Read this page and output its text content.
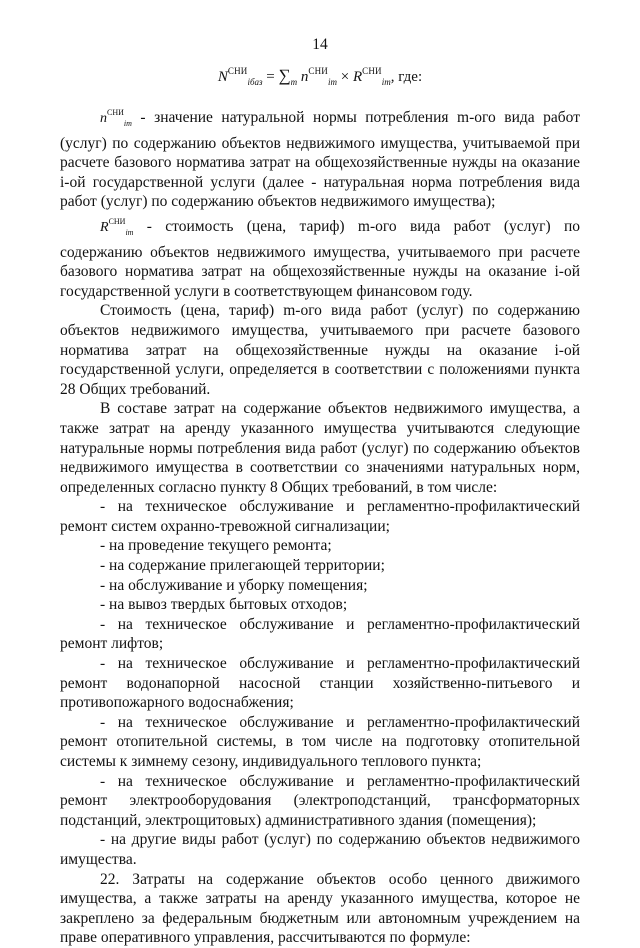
14
$N^{СНИ}_{iбаз} = \sum_m$ $n^{СНИ}_{im} \times R^{СНИ}_{im}$, где:

$n^{СНИ}_{im}$ - значение натуральной нормы потребления m-ого вида работ (услуг) по содержанию объектов недвижимого имущества, учитываемой при расчете базового норматива затрат на общехозяйственные нужды на оказание i-ой государственной услуги (далее - натуральная норма потребления вида работ (услуг) по содержанию объектов недвижимого имущества);

$R^{СНИ}_{im}$ - стоимость (цена, тариф) m-ого вида работ (услуг) по содержанию объектов недвижимого имущества, учитываемого при расчете базового норматива затрат на общехозяйственные нужды на оказание i-ой государственной услуги в соответствующем финансовом году.

Стоимость (цена, тариф) m-ого вида работ (услуг) по содержанию объектов недвижимого имущества, учитываемого при расчете базового норматива затрат на общехозяйственные нужды на оказание i-ой государственной услуги, определяется в соответствии с положениями пункта 28 Общих требований.

В составе затрат на содержание объектов недвижимого имущества, а также затрат на аренду указанного имущества учитываются следующие натуральные нормы потребления вида работ (услуг) по содержанию объектов недвижимого имущества в соответствии со значениями натуральных норм, определенных согласно пункту 8 Общих требований, в том числе:

- на техническое обслуживание и регламентно-профилактический ремонт систем охранно-тревожной сигнализации;

- на проведение текущего ремонта;

- на содержание прилегающей территории;

- на обслуживание и уборку помещения;

- на вывоз твердых бытовых отходов;

- на техническое обслуживание и регламентно-профилактический ремонт лифтов;

- на техническое обслуживание и регламентно-профилактический ремонт водонапорной насосной станции хозяйственно-питьевого и противопожарного водоснабжения;

- на техническое обслуживание и регламентно-профилактический ремонт отопительной системы, в том числе на подготовку отопительной системы к зимнему сезону, индивидуального теплового пункта;

- на техническое обслуживание и регламентно-профилактический ремонт электрооборудования (электроподстанций, трансформаторных подстанций, электрощитовых) административного здания (помещения);

- на другие виды работ (услуг) по содержанию объектов недвижимого имущества.

22. Затраты на содержание объектов особо ценного движимого имущества, а также затраты на аренду указанного имущества, которое не закреплено за федеральным бюджетным или автономным учреждением на праве оперативного управления, рассчитываются по формуле:
